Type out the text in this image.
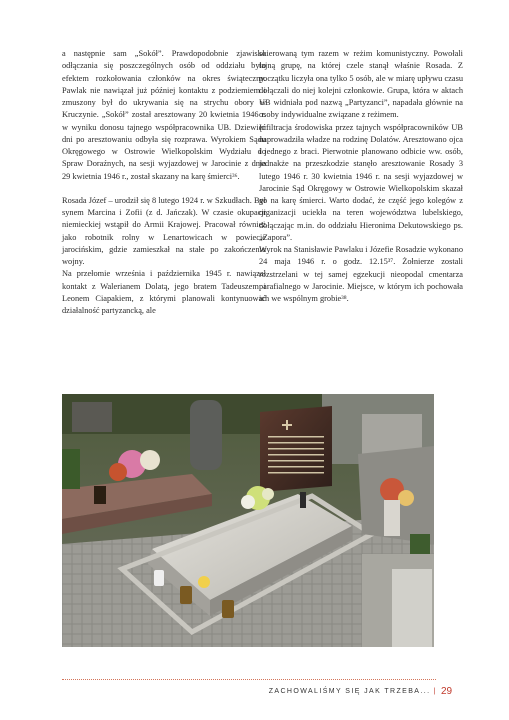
a następnie sam „Sokół”. Prawdopodobnie zjawisko odłączania się poszczególnych osób od oddziału było efektem rozkołowania członków na okres świąteczny. Pawlak nie nawiązał już później kontaktu z podziemiem i zmuszony był do ukrywania się na strychu obory w Kruczynie. „Sokół” został aresztowany 20 kwietnia 1946 r. w wyniku donosu tajnego współpracownika UB. Dziewięć dni po aresztowaniu odbyła się rozprawa. Wyrokiem Sądu Okręgowego w Ostrowie Wielkopolskim Wydziału do Spraw Doraźnych, na sesji wyjazdowej w Jarocinie z dnia 29 kwietnia 1946 r., został skazany na karę śmierci³⁶.

Rosada Józef – urodził się 8 lutego 1924 r. w Szkudłach. Był synem Marcina i Zofii (z d. Jańczak). W czasie okupacji niemieckiej wstąpił do Armii Krajowej. Pracował również jako robotnik rolny w Lenartowicach w powiecie jarocińskim, gdzie zamieszkał na stałe po zakończeniu wojny.

Na przełomie września i października 1945 r. nawiązał kontakt z Walerianem Dolatą, jego bratem Tadeuszem i Leonem Ciapakiem, z którymi planowali kontynuować działalność partyzancką, ale

skierowaną tym razem w reżim komunistyczny. Powołali tajną grupę, na której czele stanął właśnie Rosada. Z początku liczyła ona tylko 5 osób, ale w miarę upływu czasu dołączali do niej kolejni członkowie. Grupa, która w aktach UB widniała pod nazwą „Partyzanci”, napadała głównie na osoby indywidualne związane z reżimem.

Infiltracja środowiska przez tajnych współpracowników UB naprowadziła władze na rodzinę Dolatów. Aresztowano ojca i jednego z braci. Pierwotnie planowano odbicie ww. osób, jednakże na przeszkodzie stanęło aresztowanie Rosady 3 lutego 1946 r. 30 kwietnia 1946 r. na sesji wyjazdowej w Jarocinie Sąd Okręgowy w Ostrowie Wielkopolskim skazał go na karę śmierci. Warto dodać, że część jego kolegów z organizacji uciekła na teren województwa lubelskiego, dołączając m.in. do oddziału Hieronima Dekutowskiego ps. „Zapora”.

Wyrok na Stanisławie Pawlaku i Józefie Rosadzie wykonano 24 maja 1946 r. o godz. 12.15³⁷. Żołnierze zostali rozstrzelani w tej samej egzekucji nieopodal cmentarza parafialnego w Jarocinie. Miejsce, w którym ich pochowała ich we wspólnym grobie³⁸.

ZACHOWALIŚMY SIĘ JAK TRZEBA... | 29
